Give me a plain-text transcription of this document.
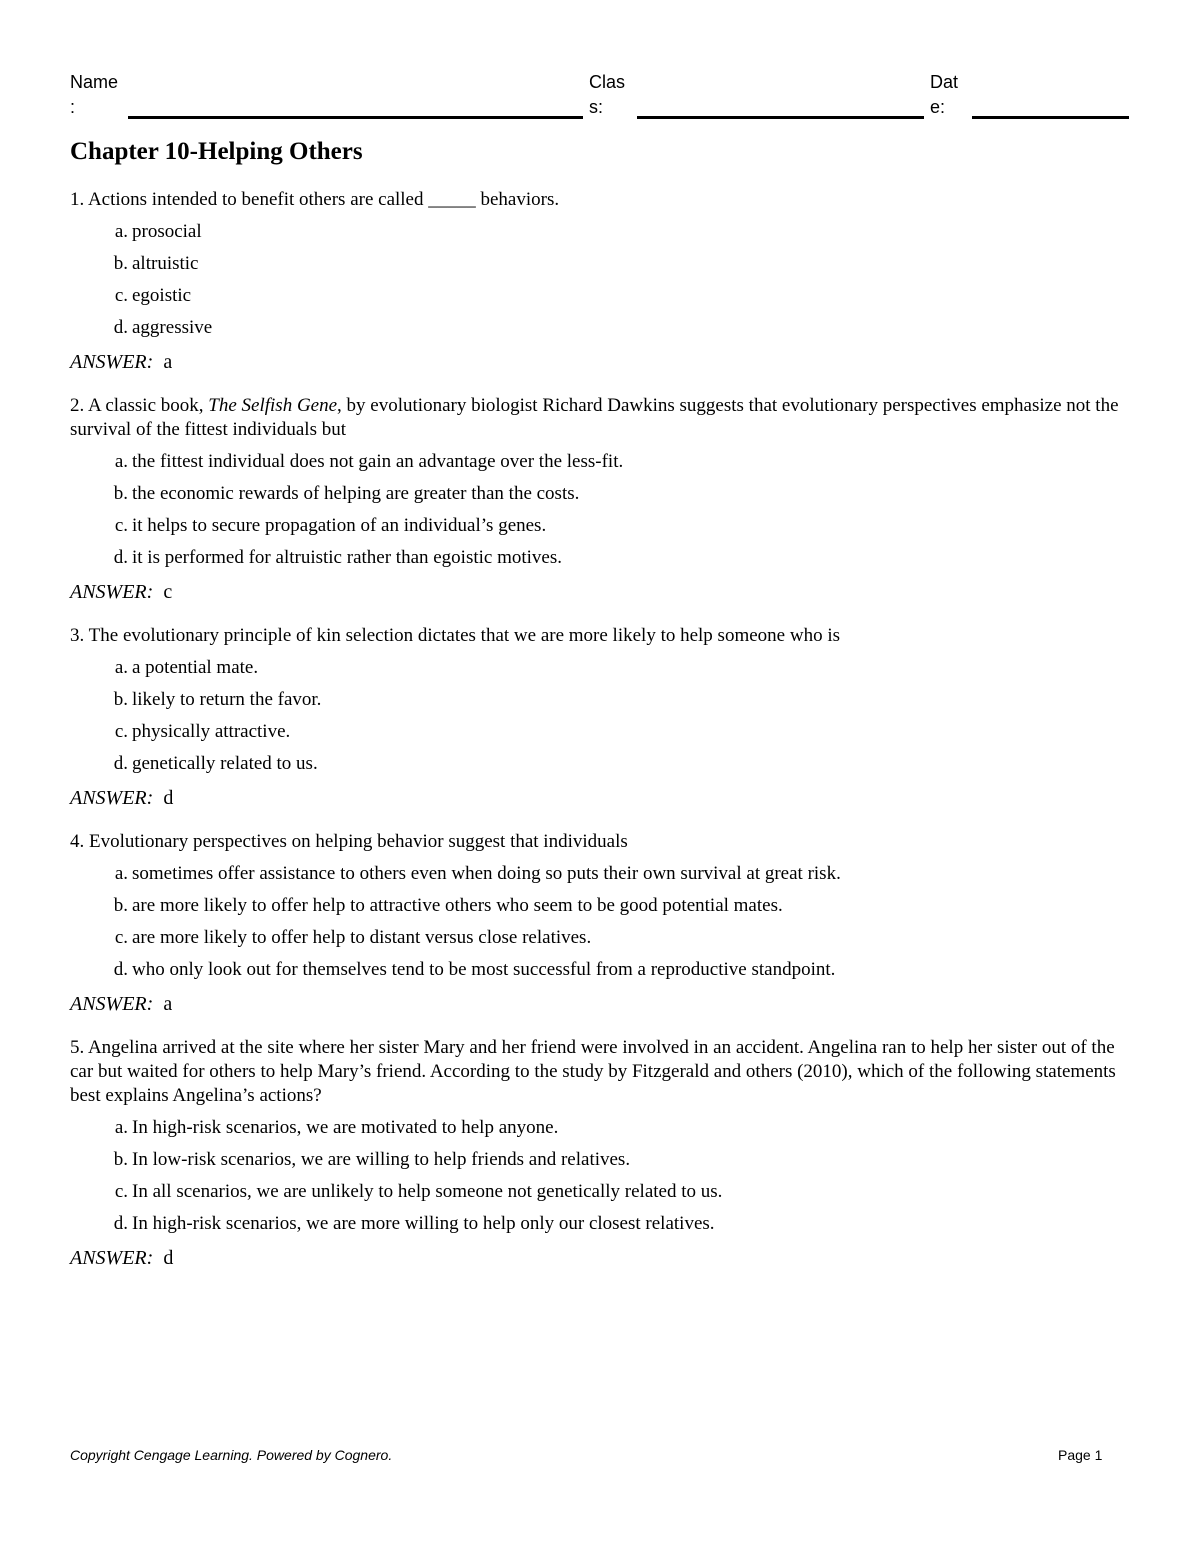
Name
:
Clas
s:
Dat
e:
Chapter 10-Helping Others
1. Actions intended to benefit others are called _____ behaviors.
a. prosocial
b. altruistic
c. egoistic
d. aggressive
ANSWER: a
2. A classic book, The Selfish Gene, by evolutionary biologist Richard Dawkins suggests that evolutionary perspectives emphasize not the survival of the fittest individuals but
a. the fittest individual does not gain an advantage over the less-fit.
b. the economic rewards of helping are greater than the costs.
c. it helps to secure propagation of an individual’s genes.
d. it is performed for altruistic rather than egoistic motives.
ANSWER: c
3. The evolutionary principle of kin selection dictates that we are more likely to help someone who is
a. a potential mate.
b. likely to return the favor.
c. physically attractive.
d. genetically related to us.
ANSWER: d
4. Evolutionary perspectives on helping behavior suggest that individuals
a. sometimes offer assistance to others even when doing so puts their own survival at great risk.
b. are more likely to offer help to attractive others who seem to be good potential mates.
c. are more likely to offer help to distant versus close relatives.
d. who only look out for themselves tend to be most successful from a reproductive standpoint.
ANSWER: a
5. Angelina arrived at the site where her sister Mary and her friend were involved in an accident. Angelina ran to help her sister out of the car but waited for others to help Mary’s friend. According to the study by Fitzgerald and others (2010), which of the following statements best explains Angelina’s actions?
a. In high-risk scenarios, we are motivated to help anyone.
b. In low-risk scenarios, we are willing to help friends and relatives.
c. In all scenarios, we are unlikely to help someone not genetically related to us.
d. In high-risk scenarios, we are more willing to help only our closest relatives.
ANSWER: d
Copyright Cengage Learning. Powered by Cognero.	Page 1
